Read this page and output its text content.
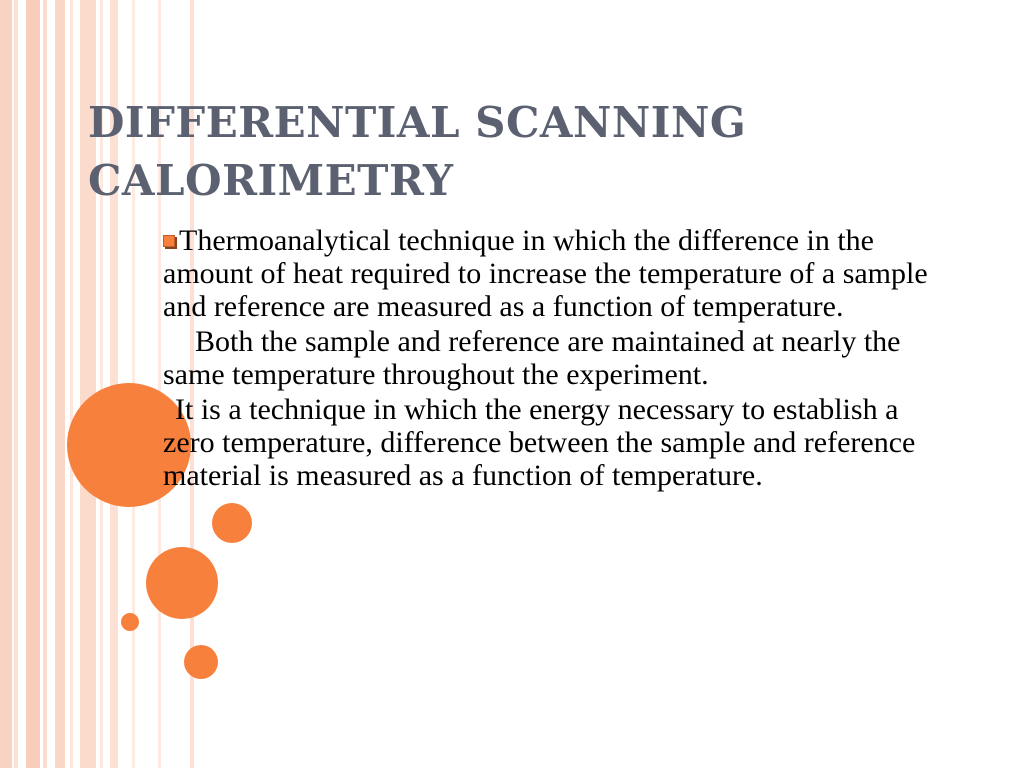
DIFFERENTIAL SCANNING CALORIMETRY

Thermoanalytical technique in which the difference in the amount of heat required to increase the temperature of a sample and reference are measured as a function of temperature.

Both the sample and reference are maintained at nearly the same temperature throughout the experiment.

It is a technique in which the energy necessary to establish a zero temperature, difference between the sample and reference material is measured as a function of temperature.
